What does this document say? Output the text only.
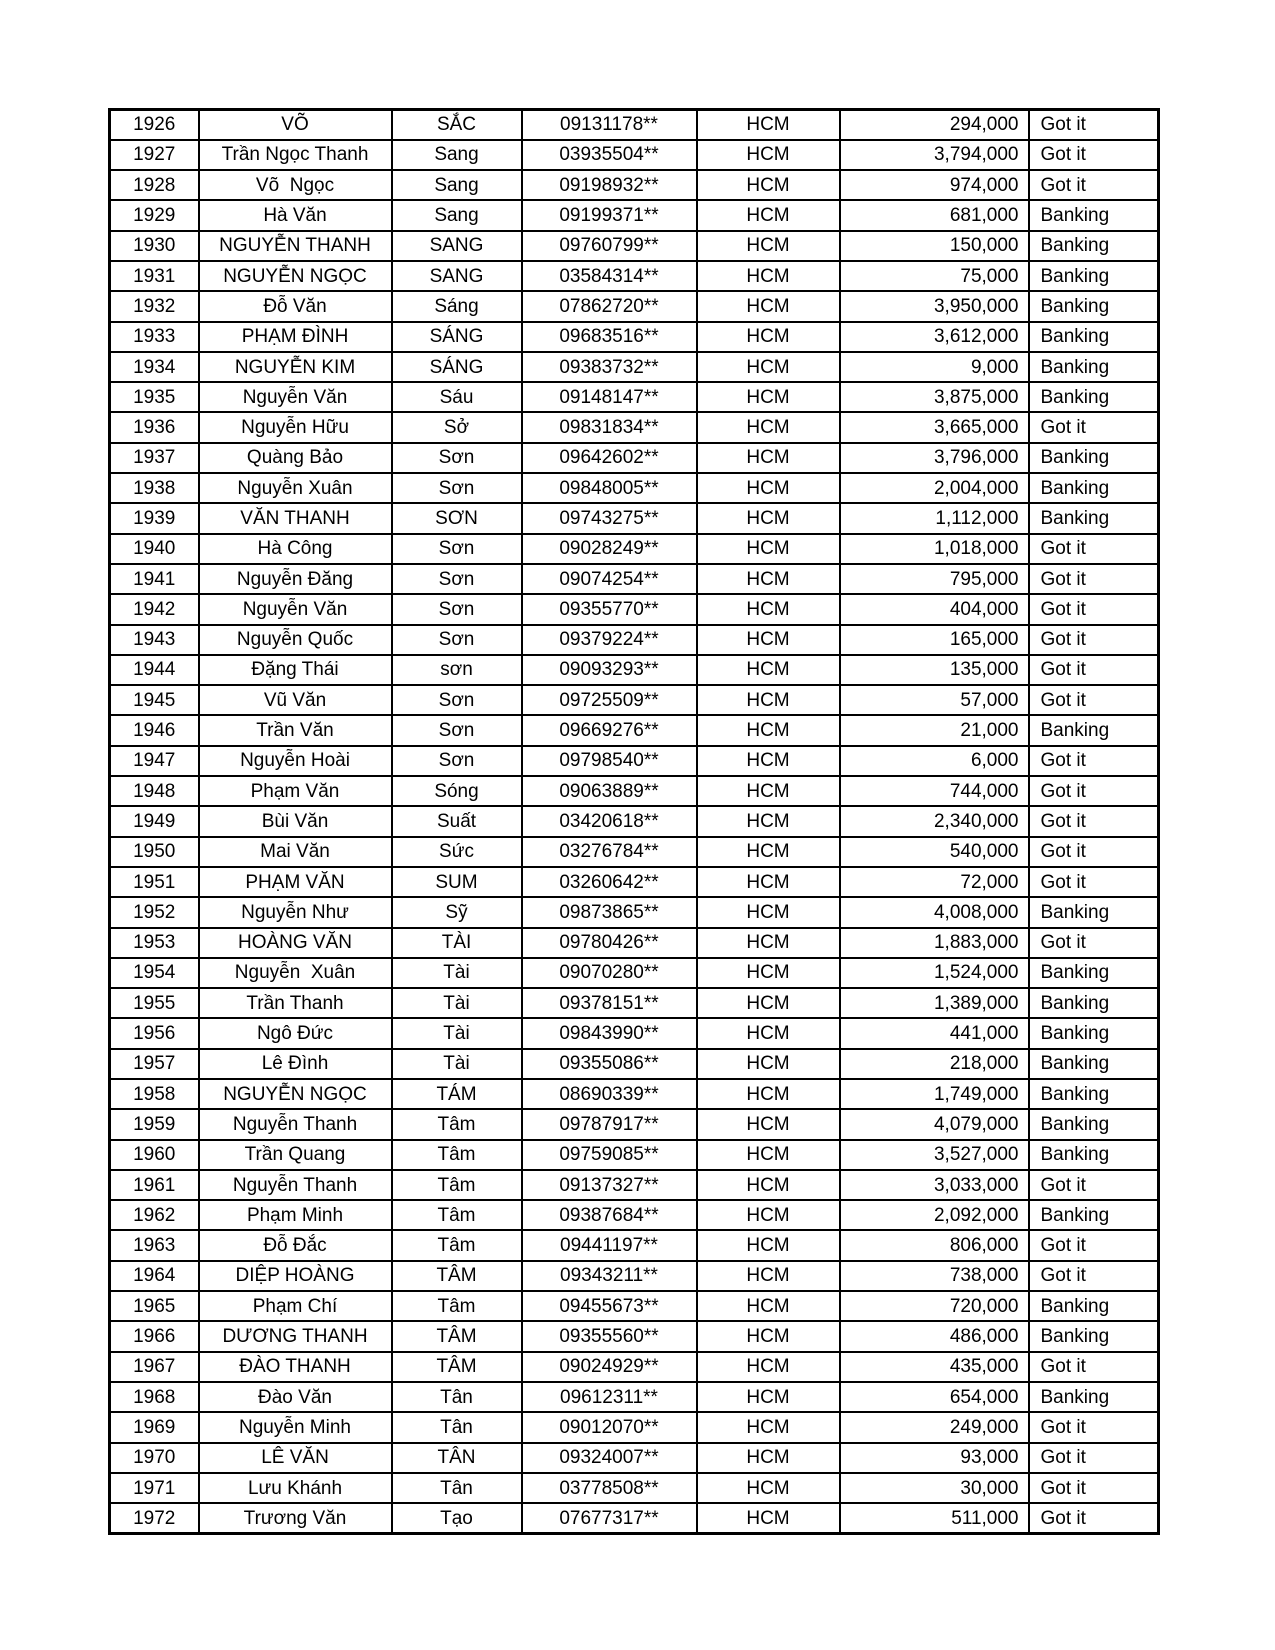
1926	VÕ	SẮC	09131178**	HCM	294,000	Got it
1927	Trần Ngọc Thanh	Sang	03935504**	HCM	3,794,000	Got it
1928	Võ  Ngọc	Sang	09198932**	HCM	974,000	Got it
1929	Hà Văn	Sang	09199371**	HCM	681,000	Banking
1930	NGUYỄN THANH	SANG	09760799**	HCM	150,000	Banking
1931	NGUYỄN NGỌC	SANG	03584314**	HCM	75,000	Banking
1932	Đỗ Văn	Sáng	07862720**	HCM	3,950,000	Banking
1933	PHẠM ĐÌNH	SÁNG	09683516**	HCM	3,612,000	Banking
1934	NGUYỄN KIM	SÁNG	09383732**	HCM	9,000	Banking
1935	Nguyễn Văn	Sáu	09148147**	HCM	3,875,000	Banking
1936	Nguyễn Hữu	Sở	09831834**	HCM	3,665,000	Got it
1937	Quàng Bảo	Sơn	09642602**	HCM	3,796,000	Banking
1938	Nguyễn Xuân	Sơn	09848005**	HCM	2,004,000	Banking
1939	VĂN THANH	SƠN	09743275**	HCM	1,112,000	Banking
1940	Hà Công	Sơn	09028249**	HCM	1,018,000	Got it
1941	Nguyễn Đăng	Sơn	09074254**	HCM	795,000	Got it
1942	Nguyễn Văn	Sơn	09355770**	HCM	404,000	Got it
1943	Nguyễn Quốc	Sơn	09379224**	HCM	165,000	Got it
1944	Đặng Thái	sơn	09093293**	HCM	135,000	Got it
1945	Vũ Văn	Sơn	09725509**	HCM	57,000	Got it
1946	Trần Văn	Sơn	09669276**	HCM	21,000	Banking
1947	Nguyễn Hoài	Sơn	09798540**	HCM	6,000	Got it
1948	Phạm Văn	Sóng	09063889**	HCM	744,000	Got it
1949	Bùi Văn	Suất	03420618**	HCM	2,340,000	Got it
1950	Mai Văn	Sức	03276784**	HCM	540,000	Got it
1951	PHẠM VĂN	SUM	03260642**	HCM	72,000	Got it
1952	Nguyễn Như	Sỹ	09873865**	HCM	4,008,000	Banking
1953	HOÀNG VĂN	TÀI	09780426**	HCM	1,883,000	Got it
1954	Nguyễn  Xuân	Tài	09070280**	HCM	1,524,000	Banking
1955	Trần Thanh	Tài	09378151**	HCM	1,389,000	Banking
1956	Ngô Đức	Tài	09843990**	HCM	441,000	Banking
1957	Lê Đình	Tài	09355086**	HCM	218,000	Banking
1958	NGUYỄN NGỌC	TÁM	08690339**	HCM	1,749,000	Banking
1959	Nguyễn Thanh	Tâm	09787917**	HCM	4,079,000	Banking
1960	Trần Quang	Tâm	09759085**	HCM	3,527,000	Banking
1961	Nguyễn Thanh	Tâm	09137327**	HCM	3,033,000	Got it
1962	Phạm Minh	Tâm	09387684**	HCM	2,092,000	Banking
1963	Đỗ Đắc	Tâm	09441197**	HCM	806,000	Got it
1964	DIỆP HOÀNG	TÂM	09343211**	HCM	738,000	Got it
1965	Phạm Chí	Tâm	09455673**	HCM	720,000	Banking
1966	DƯƠNG THANH	TÂM	09355560**	HCM	486,000	Banking
1967	ĐÀO THANH	TÂM	09024929**	HCM	435,000	Got it
1968	Đào Văn	Tân	09612311**	HCM	654,000	Banking
1969	Nguyễn Minh	Tân	09012070**	HCM	249,000	Got it
1970	LÊ VĂN	TÂN	09324007**	HCM	93,000	Got it
1971	Lưu Khánh	Tân	03778508**	HCM	30,000	Got it
1972	Trương Văn	Tạo	07677317**	HCM	511,000	Got it
